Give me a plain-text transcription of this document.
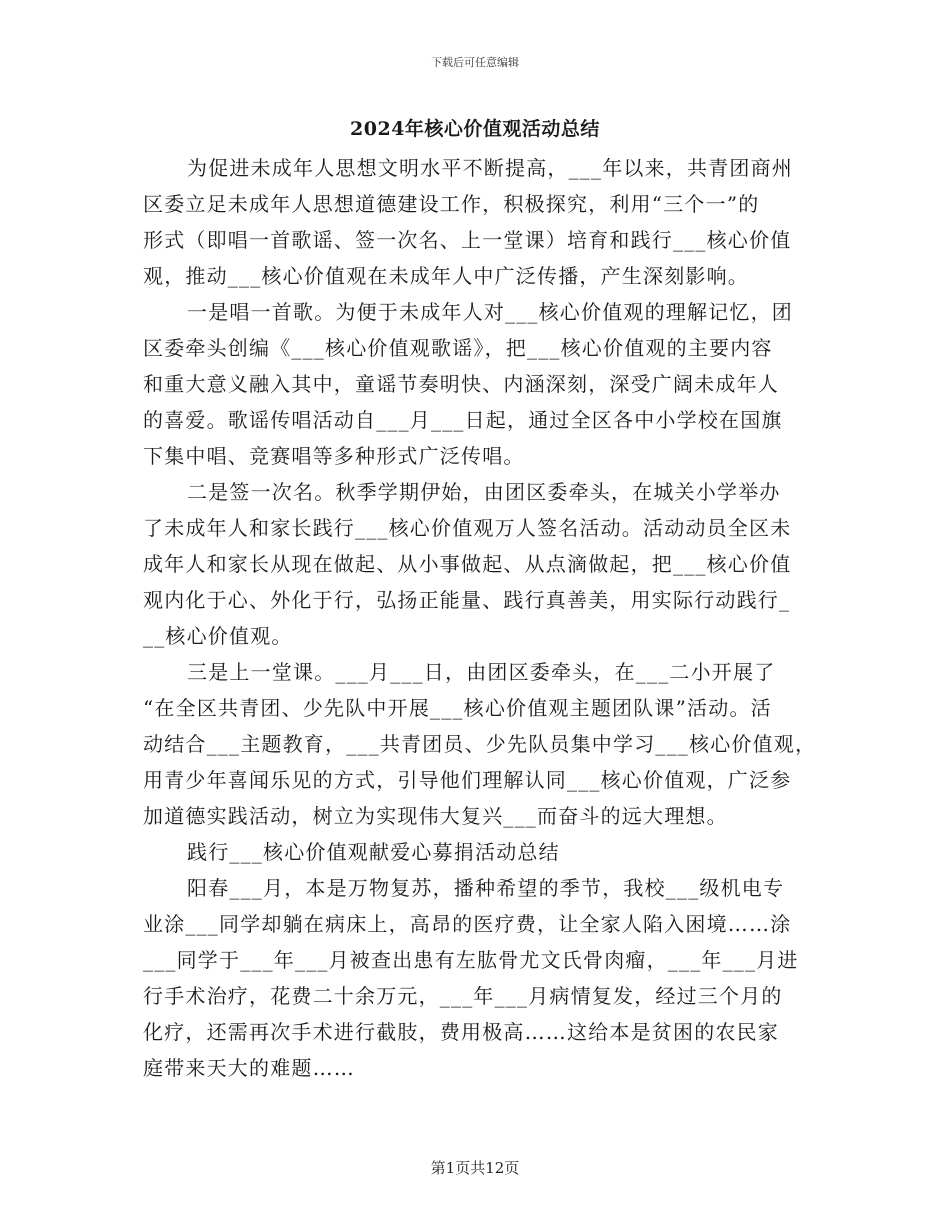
下载后可任意编辑
2024年核心价值观活动总结
为促进未成年人思想文明水平不断提高，___年以来，共青团商州
区委立足未成年人思想道德建设工作，积极探究，利用“三个一”的
形式（即唱一首歌谣、签一次名、上一堂课）培育和践行___核心价值
观，推动___核心价值观在未成年人中广泛传播，产生深刻影响。
一是唱一首歌。为便于未成年人对___核心价值观的理解记忆，团
区委牵头创编《___核心价值观歌谣》，把___核心价值观的主要内容
和重大意义融入其中，童谣节奏明快、内涵深刻，深受广阔未成年人
的喜爱。歌谣传唱活动自___月___日起，通过全区各中小学校在国旗
下集中唱、竞赛唱等多种形式广泛传唱。
二是签一次名。秋季学期伊始，由团区委牵头，在城关小学举办
了未成年人和家长践行___核心价值观万人签名活动。活动动员全区未
成年人和家长从现在做起、从小事做起、从点滴做起，把___核心价值
观内化于心、外化于行，弘扬正能量、践行真善美，用实际行动践行_
__核心价值观。
三是上一堂课。___月___日，由团区委牵头，在___二小开展了
“在全区共青团、少先队中开展___核心价值观主题团队课”活动。活
动结合___主题教育，___共青团员、少先队员集中学习___核心价值观，
用青少年喜闻乐见的方式，引导他们理解认同___核心价值观，广泛参
加道德实践活动，树立为实现伟大复兴___而奋斗的远大理想。
践行___核心价值观献爱心募捐活动总结
阳春___月，本是万物复苏，播种希望的季节，我校___级机电专
业涂___同学却躺在病床上，高昂的医疗费，让全家人陷入困境……涂
___同学于___年___月被查出患有左肱骨尤文氏骨肉瘤，___年___月进
行手术治疗，花费二十余万元，___年___月病情复发，经过三个月的
化疗，还需再次手术进行截肢，费用极高……这给本是贫困的农民家
庭带来天大的难题……
第1页共12页
